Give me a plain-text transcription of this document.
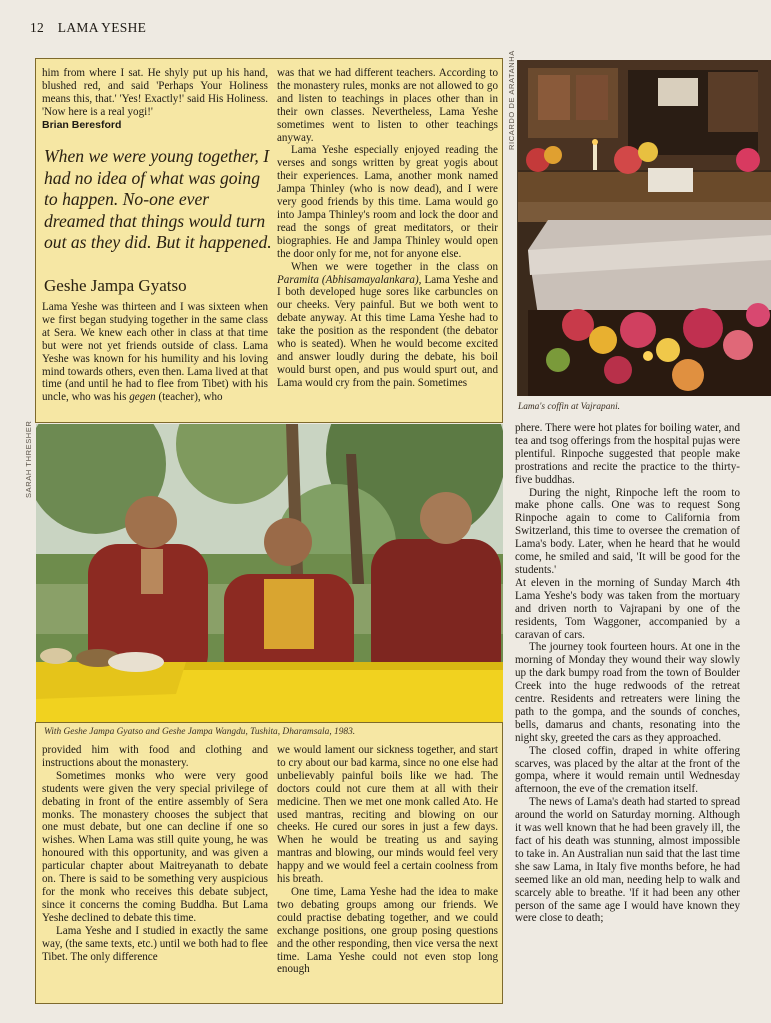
12 LAMA YESHE

him from where I sat. He shyly put up his hand, blushed red, and said 'Perhaps Your Holiness means this, that.' 'Yes! Exactly!' said His Holiness. 'Now here is a real yogi!'

Brian Beresford
When we were young together, I had no idea of what was going to happen. No-one ever dreamed that things would turn out as they did. But it happened.
Geshe Jampa Gyatso

Lama Yeshe was thirteen and I was sixteen when we first began studying together in the same class at Sera. We knew each other in class at that time but were not yet friends outside of class. Lama Yeshe was known for his humility and his loving mind towards others, even then. Lama lived at that time (and until he had to flee from Tibet) with his uncle, who was his gegen (teacher), who

was that we had different teachers. According to the monastery rules, monks are not allowed to go and listen to teachings in places other than in their own classes. Nevertheless, Lama Yeshe sometimes went to listen to other teachings anyway.

Lama Yeshe especially enjoyed reading the verses and songs written by great yogis about their experiences. Lama, another monk named Jampa Thinley (who is now dead), and I were very good friends by this time. Lama would go into Jampa Thinley's room and lock the door and read the songs of great meditators, or their biographies. He and Jampa Thinley would open the door only for me, not for anyone else.

When we were together in the class on Paramita (Abhisamayalankara), Lama Yeshe and I both developed huge sores like carbuncles on our cheeks. Very painful. But we both went to debate anyway. At this time Lama Yeshe had to take the position as the respondent (the debator who is seated). When he would become excited and answer loudly during the debate, his boil would burst open, and pus would spurt out, and Lama would cry from the pain. Sometimes

RICARDO DE ARATANHA
Lama's coffin at Vajrapani.
SARAH THRESHER
With Geshe Jampa Gyatso and Geshe Jampa Wangdu, Tushita, Dharamsala, 1983.

provided him with food and clothing and instructions about the monastery.

Sometimes monks who were very good students were given the very special privilege of debating in front of the entire assembly of Sera monks. The monastery chooses the subject that one must debate, but one can decline if one so wishes. When Lama was still quite young, he was honoured with this opportunity, and was given a particular chapter about Maitreyanath to debate on. There is said to be something very auspicious for the monk who receives this debate subject, since it concerns the coming Buddha. But Lama Yeshe declined to debate this time.

Lama Yeshe and I studied in exactly the same way, (the same texts, etc.) until we both had to flee Tibet. The only difference

we would lament our sickness together, and start to cry about our bad karma, since no one else had unbelievably painful boils like we had. The doctors could not cure them at all with their medicine. Then we met one monk called Ato. He used mantras, reciting and blowing on our cheeks. He cured our sores in just a few days. When he would be treating us and saying mantras and blowing, our minds would feel very happy and we would feel a certain coolness from his breath.

One time, Lama Yeshe had the idea to make two debating groups among our friends. We could practise debating together, and we could exchange positions, one group posing questions and the other responding, then vice versa the next time. Lama Yeshe could not even stop long enough

phere. There were hot plates for boiling water, and tea and tsog offerings from the hospital pujas were plentiful. Rinpoche suggested that people make prostrations and recite the practice to the thirty-five buddhas.

During the night, Rinpoche left the room to make phone calls. One was to request Song Rinpoche again to come to California from Switzerland, this time to oversee the cremation of Lama's body. Later, when he heard that he would come, he smiled and said, 'It will be good for the students.'

At eleven in the morning of Sunday March 4th Lama Yeshe's body was taken from the mortuary and driven north to Vajrapani by one of the residents, Tom Waggoner, accompanied by a caravan of cars.

The journey took fourteen hours. At one in the morning of Monday they wound their way slowly up the dark bumpy road from the town of Boulder Creek into the huge redwoods of the retreat centre. Residents and retreaters were lining the path to the gompa, and the sounds of conches, bells, damarus and chants, resonating into the night sky, greeted the cars as they approached.

The closed coffin, draped in white offering scarves, was placed by the altar at the front of the gompa, where it would remain until Wednesday afternoon, the eve of the cremation itself.

The news of Lama's death had started to spread around the world on Saturday morning. Although it was well known that he had been gravely ill, the fact of his death was stunning, almost impossible to take in. An Australian nun said that the last time she saw Lama, in Italy five months before, he had seemed like an old man, needing help to walk and scarcely able to breathe. 'If it had been any other person of the same age I would have known they were close to death;
